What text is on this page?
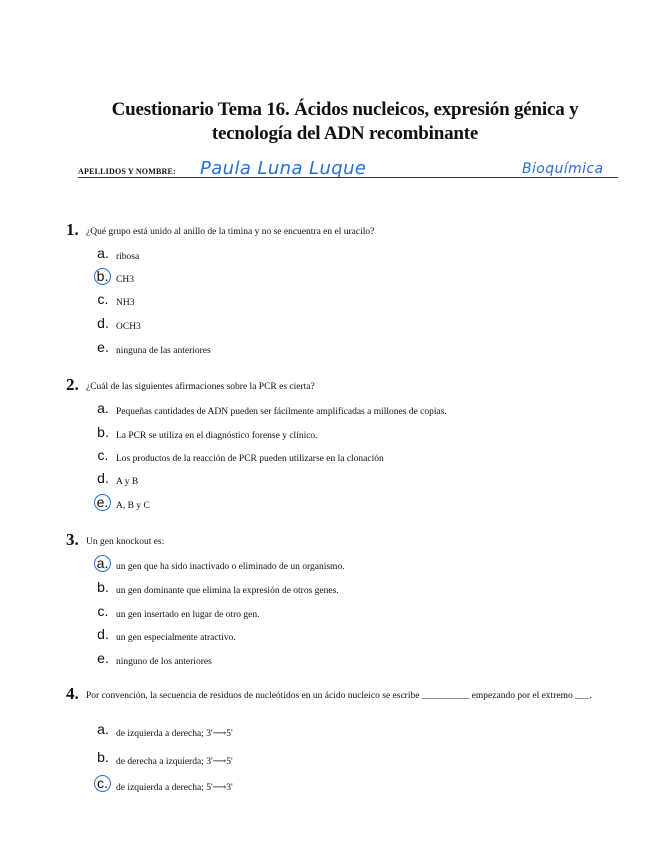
Cuestionario Tema 16. Ácidos nucleicos, expresión génica y
tecnología del ADN recombinante
APELLIDOS Y NOMBRE: Paula Luna Luque	Bioquímica
1. ¿Qué grupo está unido al anillo de la timina y no se encuentra en el uracilo?
a. ribosa
b. CH3
c. NH3
d. OCH3
e. ninguna de las anteriores
2. ¿Cuál de las siguientes afirmaciones sobre la PCR es cierta?
a. Pequeñas cantidades de ADN pueden ser fácilmente amplificadas a millones de copias.
b. La PCR se utiliza en el diagnóstico forense y clínico.
c. Los productos de la reacción de PCR pueden utilizarse en la clonación
d. A y B
e. A, B y C
3. Un gen knockout es:
a. un gen que ha sido inactivado o eliminado de un organismo.
b. un gen dominante que elimina la expresión de otros genes.
c. un gen insertado en lugar de otro gen.
d. un gen especialmente atractivo.
e. ninguno de los anteriores
4. Por convención, la secuencia de residuos de nucleótidos en un ácido nucleico se escribe __________ empezando por el extremo ___.
a. de izquierda a derecha; 3'⟶5'
b. de derecha a izquierda; 3'⟶5'
c. de izquierda a derecha; 5'⟶3'
